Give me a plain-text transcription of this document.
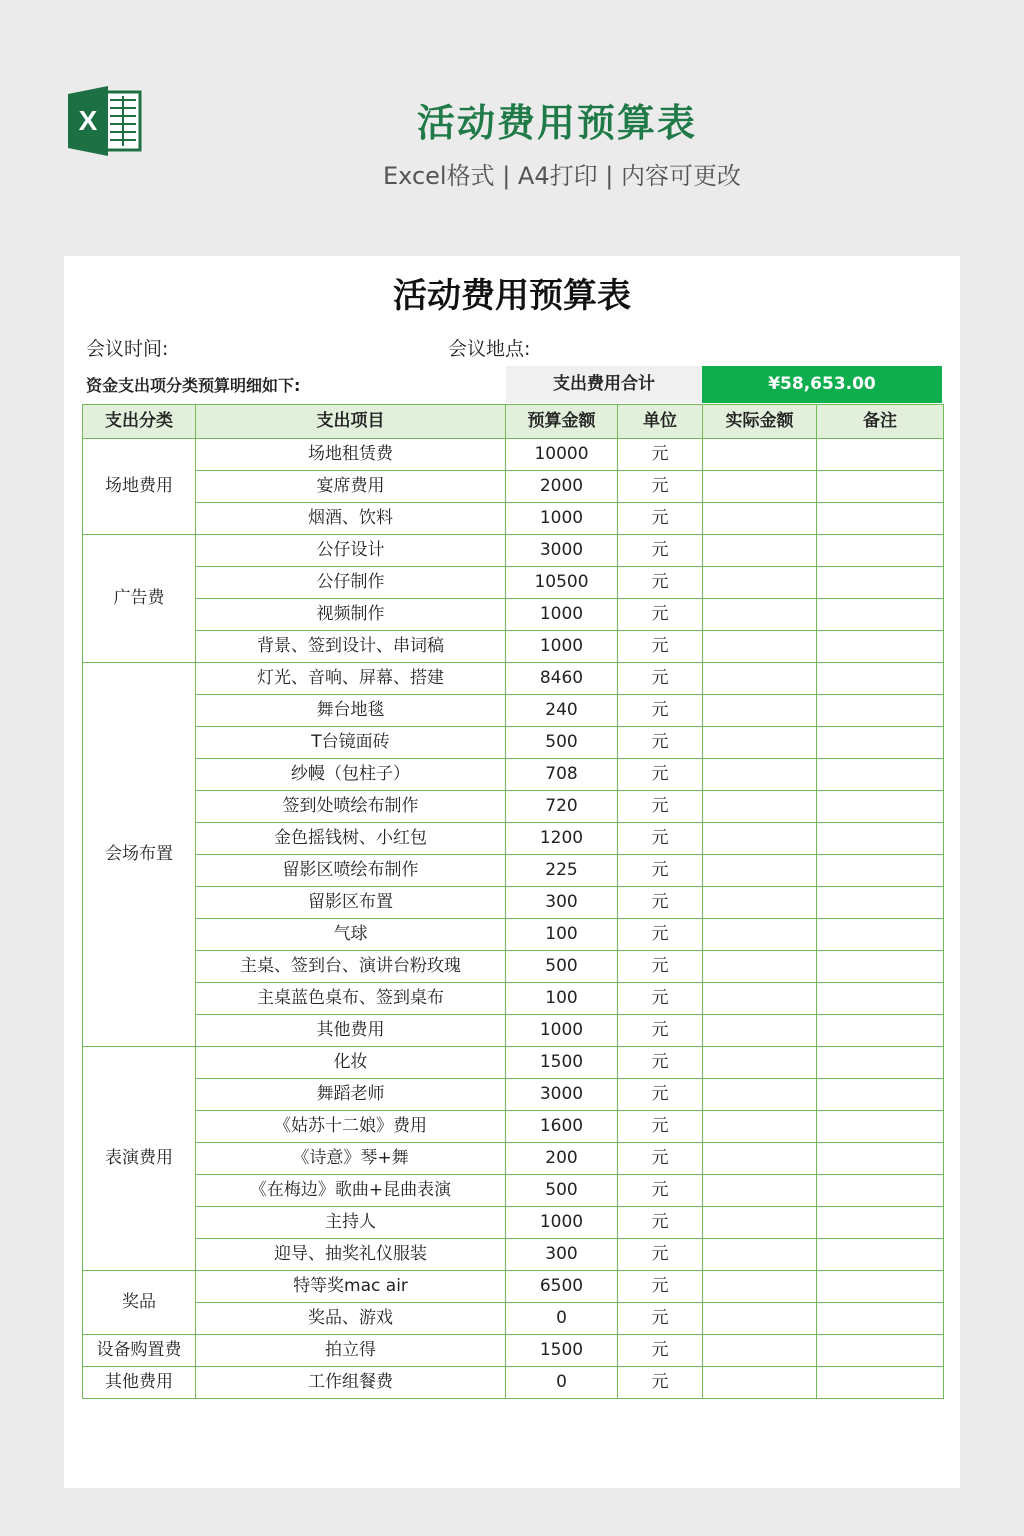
X	活动费用预算表
Excel格式 | A4打印 | 内容可更改
活动费用预算表
会议时间:	会议地点:
资金支出项分类预算明细如下:	支出费用合计	¥58,653.00
支出分类	支出项目	预算金额	单位	实际金额	备注
场地费用	场地租赁费	10000	元		
	宴席费用	2000	元		
	烟酒、饮料	1000	元		
广告费	公仔设计	3000	元		
	公仔制作	10500	元		
	视频制作	1000	元		
	背景、签到设计、串词稿	1000	元		
会场布置	灯光、音响、屏幕、搭建	8460	元		
	舞台地毯	240	元		
	T台镜面砖	500	元		
	纱幔（包柱子）	708	元		
	签到处喷绘布制作	720	元		
	金色摇钱树、小红包	1200	元		
	留影区喷绘布制作	225	元		
	留影区布置	300	元		
	气球	100	元		
	主桌、签到台、演讲台粉玫瑰	500	元		
	主桌蓝色桌布、签到桌布	100	元		
	其他费用	1000	元		
表演费用	化妆	1500	元		
	舞蹈老师	3000	元		
	《姑苏十二娘》费用	1600	元		
	《诗意》琴+舞	200	元		
	《在梅边》歌曲+昆曲表演	500	元		
	主持人	1000	元		
	迎导、抽奖礼仪服装	300	元		
奖品	特等奖mac air	6500	元		
	奖品、游戏	0	元		
设备购置费	拍立得	1500	元		
其他费用	工作组餐费	0	元		
